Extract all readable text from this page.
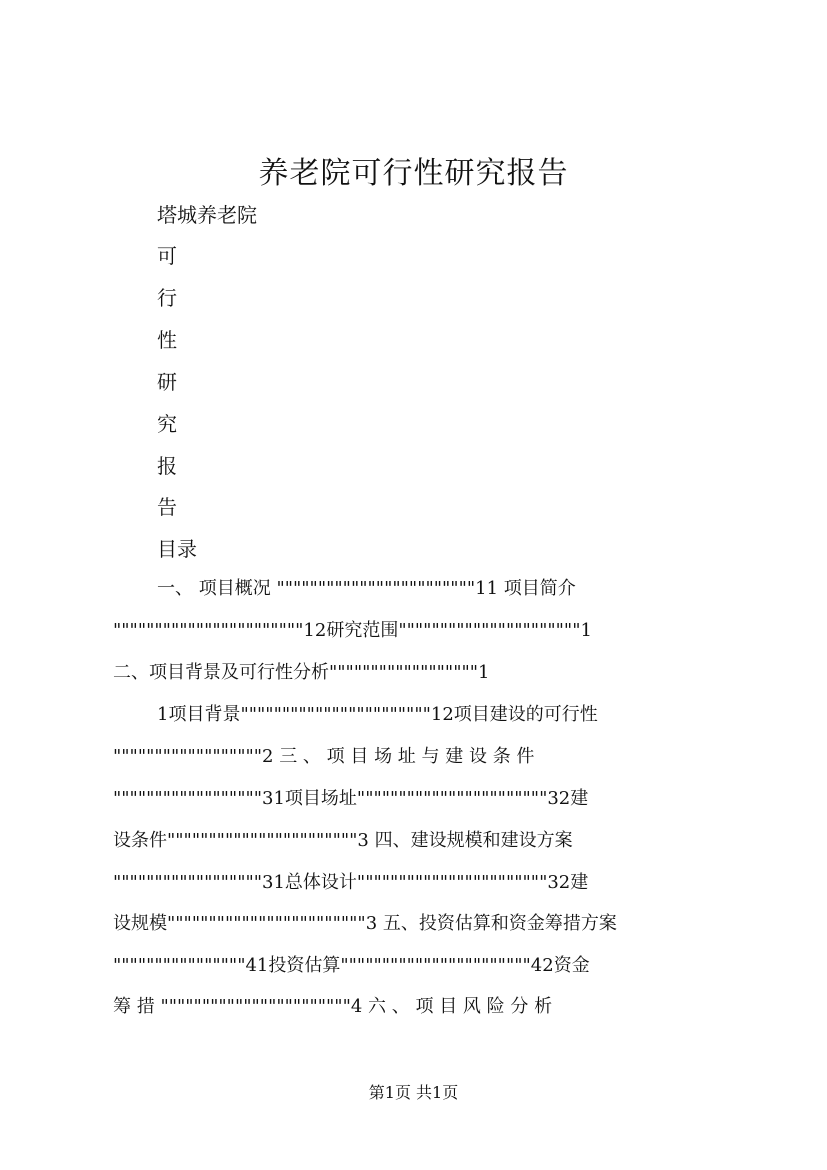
养老院可行性研究报告
塔城养老院
可
行
性
研
究
报
告
目录
一、 项目概况 """"""""""""""""""""""""11 项目简介
"""""""""""""""""""""""12研究范围""""""""""""""""""""""1
二、项目背景及可行性分析""""""""""""""""""1
1项目背景"""""""""""""""""""""""12项目建设的可行性
""""""""""""""""""2 三 、 项 目 场 址 与 建 设 条 件
""""""""""""""""""31项目场址"""""""""""""""""""""""32建
设条件"""""""""""""""""""""""3 四、建设规模和建设方案
""""""""""""""""""31总体设计"""""""""""""""""""""""32建
设规模""""""""""""""""""""""""3 五、投资估算和资金筹措方案
""""""""""""""""41投资估算"""""""""""""""""""""""42资金
筹 措 """""""""""""""""""""""4 六 、 项 目 风 险 分 析
第1页 共1页
